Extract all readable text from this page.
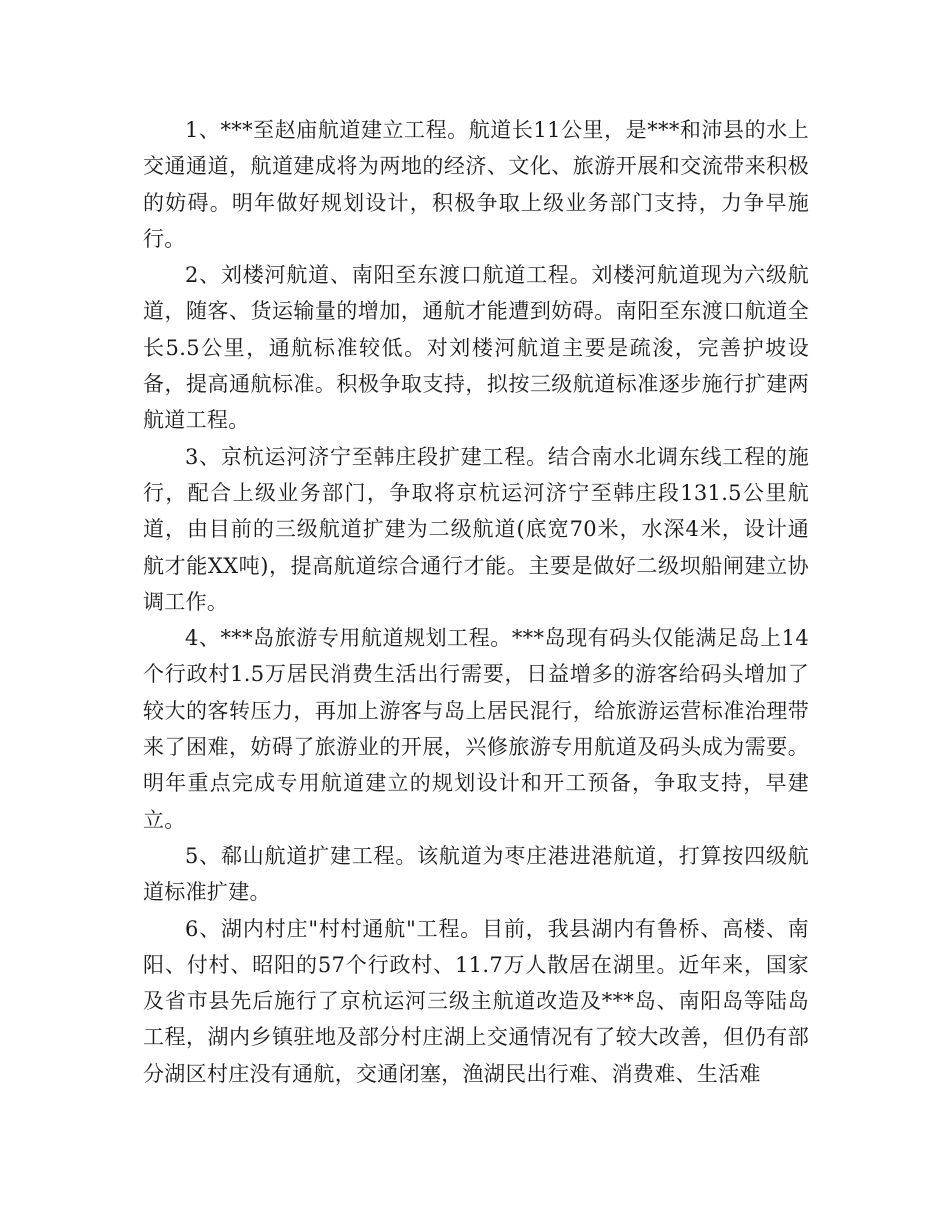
1、***至赵庙航道建立工程。航道长11公里，是***和沛县的水上交通通道，航道建成将为两地的经济、文化、旅游开展和交流带来积极的妨碍。明年做好规划设计，积极争取上级业务部门支持，力争早施行。

2、刘楼河航道、南阳至东渡口航道工程。刘楼河航道现为六级航道，随客、货运输量的增加，通航才能遭到妨碍。南阳至东渡口航道全长5.5公里，通航标准较低。对刘楼河航道主要是疏浚，完善护坡设备，提高通航标准。积极争取支持，拟按三级航道标准逐步施行扩建两航道工程。

3、京杭运河济宁至韩庄段扩建工程。结合南水北调东线工程的施行，配合上级业务部门，争取将京杭运河济宁至韩庄段131.5公里航道，由目前的三级航道扩建为二级航道(底宽70米，水深4米，设计通航才能XX吨)，提高航道综合通行才能。主要是做好二级坝船闸建立协调工作。

4、***岛旅游专用航道规划工程。***岛现有码头仅能满足岛上14个行政村1.5万居民消费生活出行需要，日益增多的游客给码头增加了较大的客转压力，再加上游客与岛上居民混行，给旅游运营标准治理带来了困难，妨碍了旅游业的开展，兴修旅游专用航道及码头成为需要。明年重点完成专用航道建立的规划设计和开工预备，争取支持，早建立。

5、郗山航道扩建工程。该航道为枣庄港进港航道，打算按四级航道标准扩建。

6、湖内村庄"村村通航"工程。目前，我县湖内有鲁桥、高楼、南阳、付村、昭阳的57个行政村、11.7万人散居在湖里。近年来，国家及省市县先后施行了京杭运河三级主航道改造及***岛、南阳岛等陆岛工程，湖内乡镇驻地及部分村庄湖上交通情况有了较大改善，但仍有部分湖区村庄没有通航，交通闭塞，渔湖民出行难、消费难、生活难
